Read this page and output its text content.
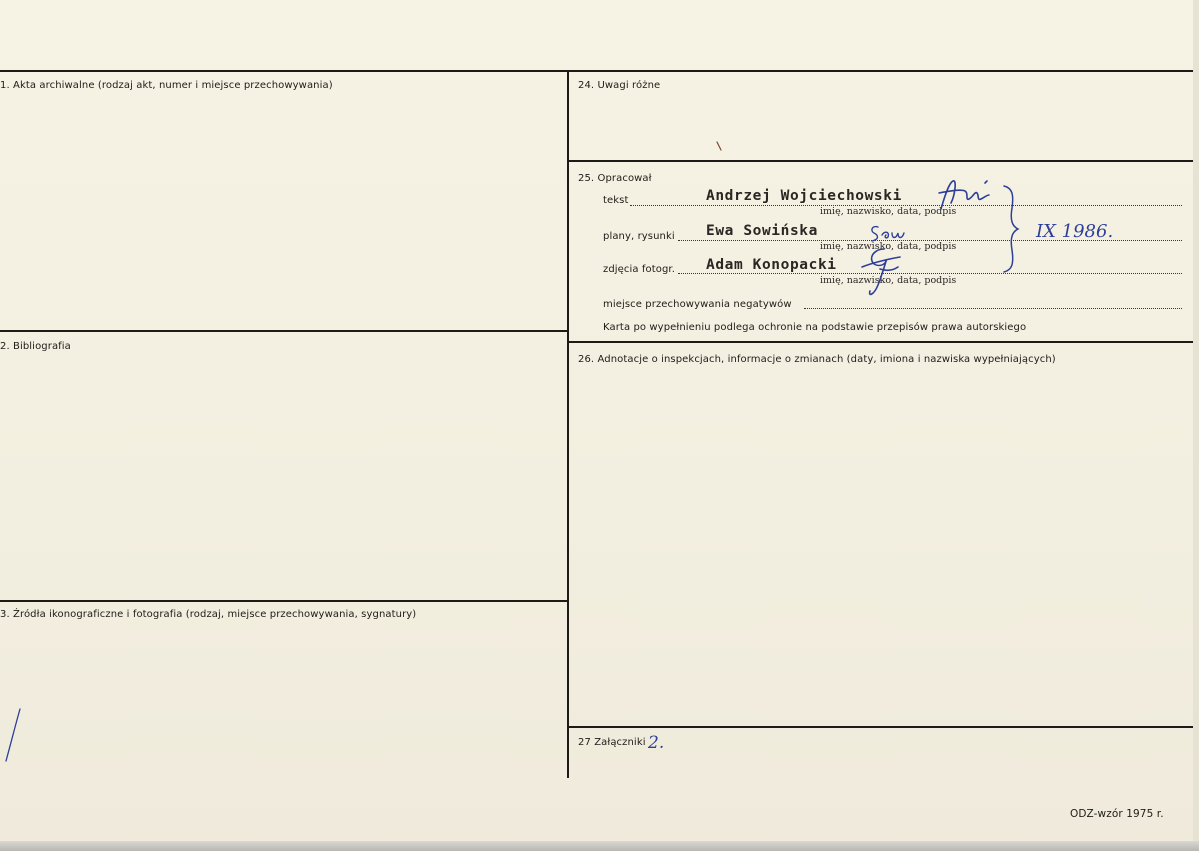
1. Akta archiwalne (rodzaj akt, numer i miejsce przechowywania)
2. Bibliografia
3. Źródła ikonograficzne i fotografia (rodzaj, miejsce przechowywania, sygnatury)
24. Uwagi różne
25. Opracował
26. Adnotacje o inspekcjach, informacje o zmianach (daty, imiona i nazwiska wypełniających)
27 Załączniki
tekst	Andrzej Wojciechowski
imię, nazwisko, data, podpis
plany, rysunki Ewa Sowińska
imię, nazwisko, data, podpis
zdjęcia fotogr. Adam Konopacki
imię, nazwisko, data, podpis
miejsce przechowywania negatywów
Karta po wypełnieniu podlega ochronie na podstawie przepisów prawa autorskiego
IX 1986.
2.
ODZ-wzór 1975 r.
